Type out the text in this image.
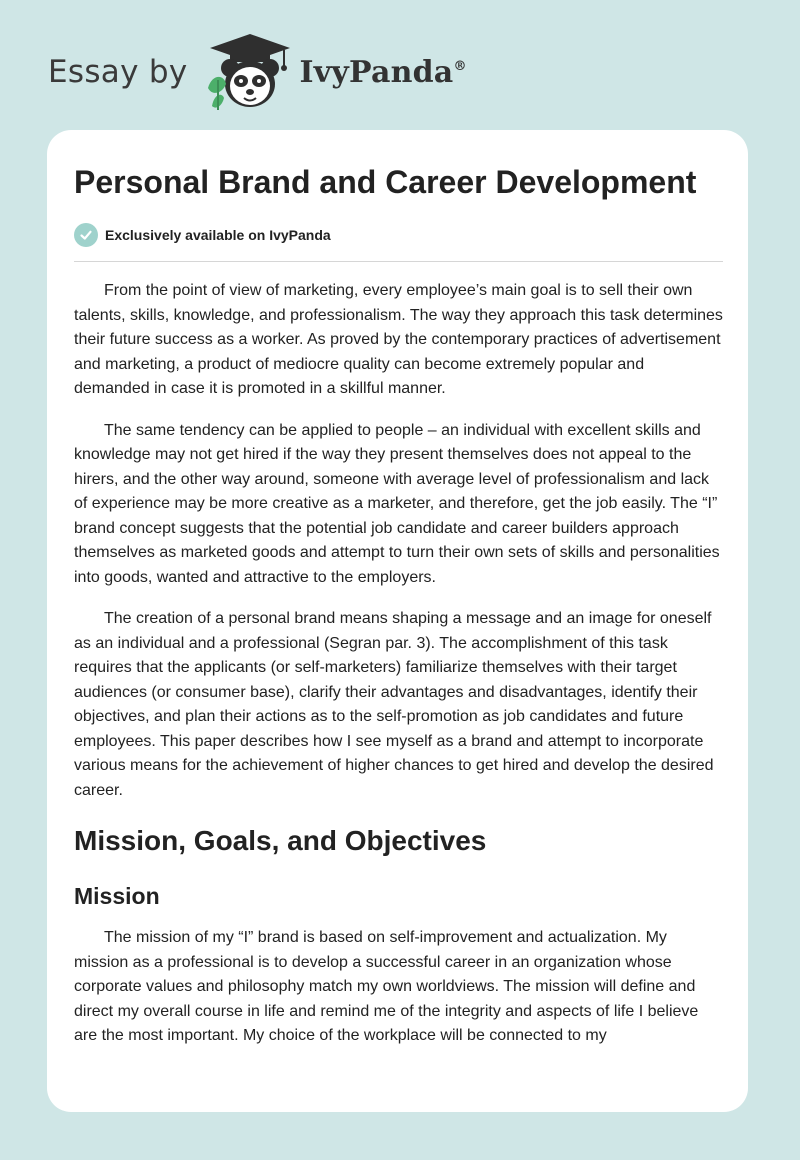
Essay by	IvyPanda®
Personal Brand and Career Development
Exclusively available on IvyPanda

From the point of view of marketing, every employee’s main goal is to sell their own talents, skills, knowledge, and professionalism. The way they approach this task determines their future success as a worker. As proved by the contemporary practices of advertisement and marketing, a product of mediocre quality can become extremely popular and demanded in case it is promoted in a skillful manner.

The same tendency can be applied to people – an individual with excellent skills and knowledge may not get hired if the way they present themselves does not appeal to the hirers, and the other way around, someone with average level of professionalism and lack of experience may be more creative as a marketer, and therefore, get the job easily. The “I” brand concept suggests that the potential job candidate and career builders approach themselves as marketed goods and attempt to turn their own sets of skills and personalities into goods, wanted and attractive to the employers.

The creation of a personal brand means shaping a message and an image for oneself as an individual and a professional (Segran par. 3). The accomplishment of this task requires that the applicants (or self-marketers) familiarize themselves with their target audiences (or consumer base), clarify their advantages and disadvantages, identify their objectives, and plan their actions as to the self-promotion as job candidates and future employees. This paper describes how I see myself as a brand and attempt to incorporate various means for the achievement of higher chances to get hired and develop the desired career.

Mission, Goals, and Objectives
Mission

The mission of my “I” brand is based on self-improvement and actualization. My mission as a professional is to develop a successful career in an organization whose corporate values and philosophy match my own worldviews. The mission will define and direct my overall course in life and remind me of the integrity and aspects of life I believe are the most important. My choice of the workplace will be connected to my
